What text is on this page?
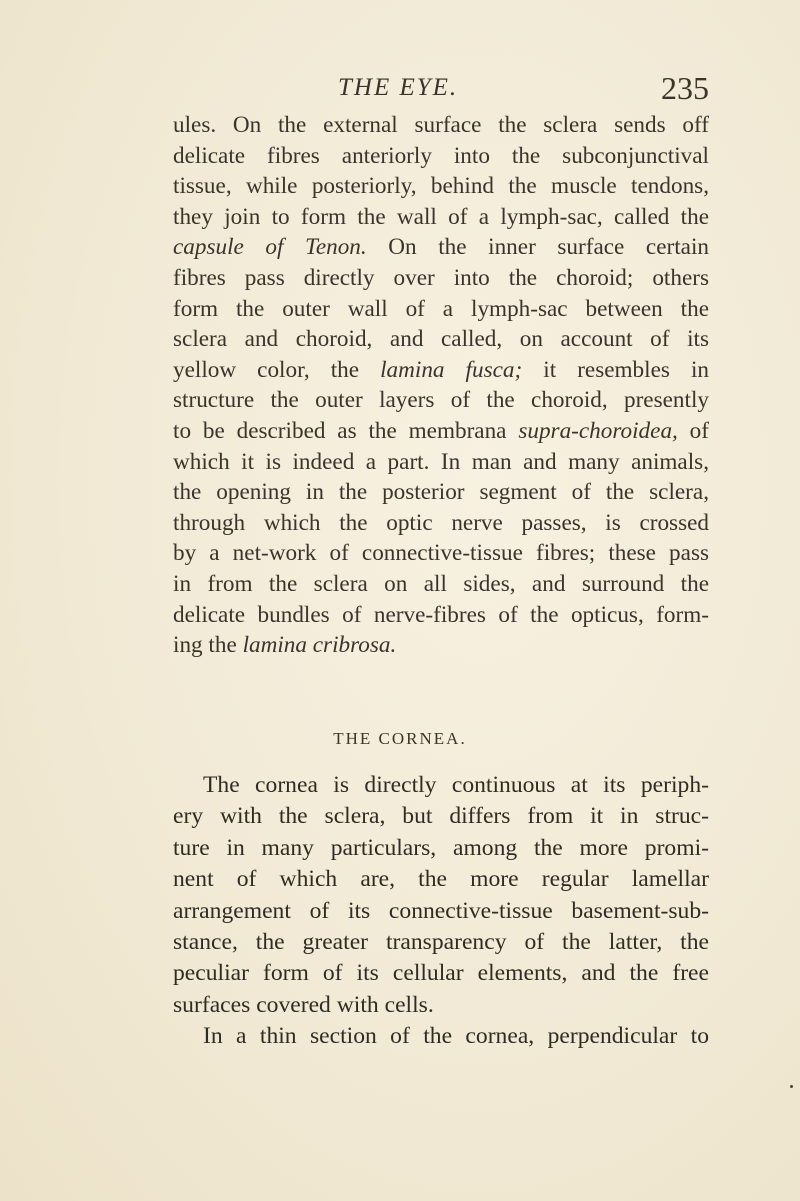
THE EYE.	235
ules. On the external surface the sclera sends off
delicate fibres anteriorly into the subconjunctival
tissue, while posteriorly, behind the muscle tendons,
they join to form the wall of a lymph-sac, called the
capsule of Tenon. On the inner surface certain
fibres pass directly over into the choroid; others
form the outer wall of a lymph-sac between the
sclera and choroid, and called, on account of its
yellow color, the lamina fusca; it resembles in
structure the outer layers of the choroid, presently
to be described as the membrana supra-choroidea, of
which it is indeed a part. In man and many animals,
the opening in the posterior segment of the sclera,
through which the optic nerve passes, is crossed
by a net-work of connective-tissue fibres; these pass
in from the sclera on all sides, and surround the
delicate bundles of nerve-fibres of the opticus, form-
ing the lamina cribrosa.
THE CORNEA.
The cornea is directly continuous at its periph-
ery with the sclera, but differs from it in struc-
ture in many particulars, among the more promi-
nent of which are, the more regular lamellar
arrangement of its connective-tissue basement-sub-
stance, the greater transparency of the latter, the
peculiar form of its cellular elements, and the free
surfaces covered with cells.
In a thin section of the cornea, perpendicular to
